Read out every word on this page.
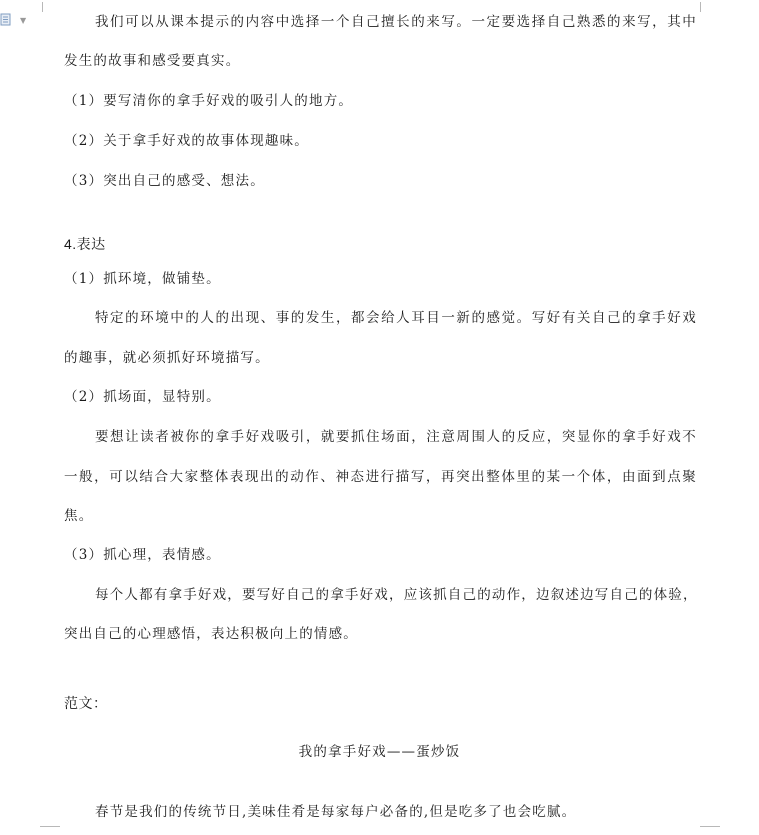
▼	我们可以从课本提示的内容中选择一个自己擅长的来写。一定要选择自己熟悉的来写，其中
发生的故事和感受要真实。
（1）要写清你的拿手好戏的吸引人的地方。
（2）关于拿手好戏的故事体现趣味。
（3）突出自己的感受、想法。
4.表达
（1）抓环境，做铺垫。
特定的环境中的人的出现、事的发生，都会给人耳目一新的感觉。写好有关自己的拿手好戏
的趣事，就必须抓好环境描写。
（2）抓场面，显特别。
要想让读者被你的拿手好戏吸引，就要抓住场面，注意周围人的反应，突显你的拿手好戏不
一般，可以结合大家整体表现出的动作、神态进行描写，再突出整体里的某一个体，由面到点聚
焦。
（3）抓心理，表情感。
每个人都有拿手好戏，要写好自己的拿手好戏，应该抓自己的动作，边叙述边写自己的体验，
突出自己的心理感悟，表达积极向上的情感。
范文：
我的拿手好戏——蛋炒饭
春节是我们的传统节日,美味佳肴是每家每户必备的,但是吃多了也会吃腻。
